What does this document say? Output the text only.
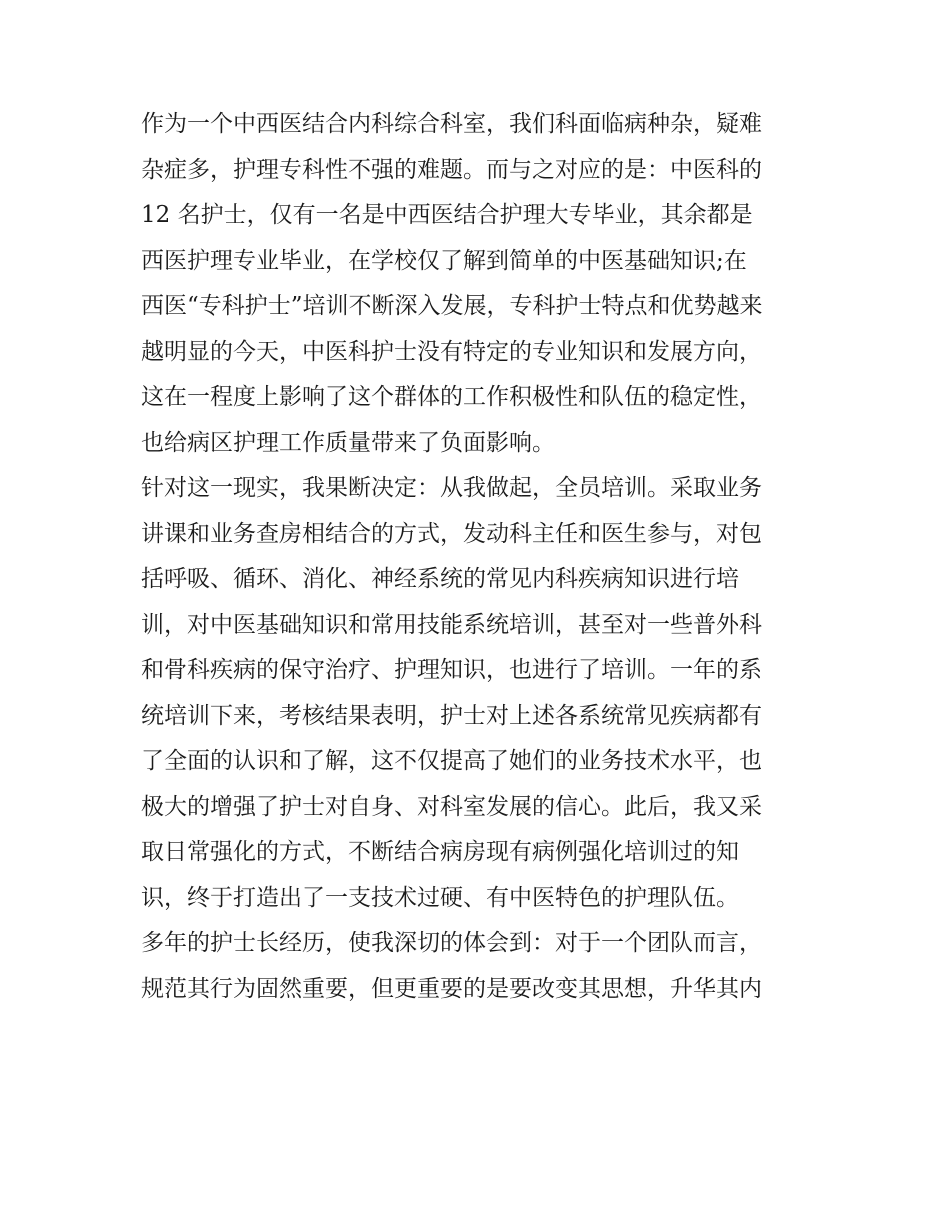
作为一个中西医结合内科综合科室，我们科面临病种杂，疑难
杂症多，护理专科性不强的难题。而与之对应的是：中医科的
12 名护士，仅有一名是中西医结合护理大专毕业，其余都是
西医护理专业毕业，在学校仅了解到简单的中医基础知识;在
西医“专科护士”培训不断深入发展，专科护士特点和优势越来
越明显的今天，中医科护士没有特定的专业知识和发展方向，
这在一程度上影响了这个群体的工作积极性和队伍的稳定性，
也给病区护理工作质量带来了负面影响。
针对这一现实，我果断决定：从我做起，全员培训。采取业务
讲课和业务查房相结合的方式，发动科主任和医生参与，对包
括呼吸、循环、消化、神经系统的常见内科疾病知识进行培
训，对中医基础知识和常用技能系统培训，甚至对一些普外科
和骨科疾病的保守治疗、护理知识，也进行了培训。一年的系
统培训下来，考核结果表明，护士对上述各系统常见疾病都有
了全面的认识和了解，这不仅提高了她们的业务技术水平，也
极大的增强了护士对自身、对科室发展的信心。此后，我又采
取日常强化的方式，不断结合病房现有病例强化培训过的知
识，终于打造出了一支技术过硬、有中医特色的护理队伍。
多年的护士长经历，使我深切的体会到：对于一个团队而言，
规范其行为固然重要，但更重要的是要改变其思想，升华其内
